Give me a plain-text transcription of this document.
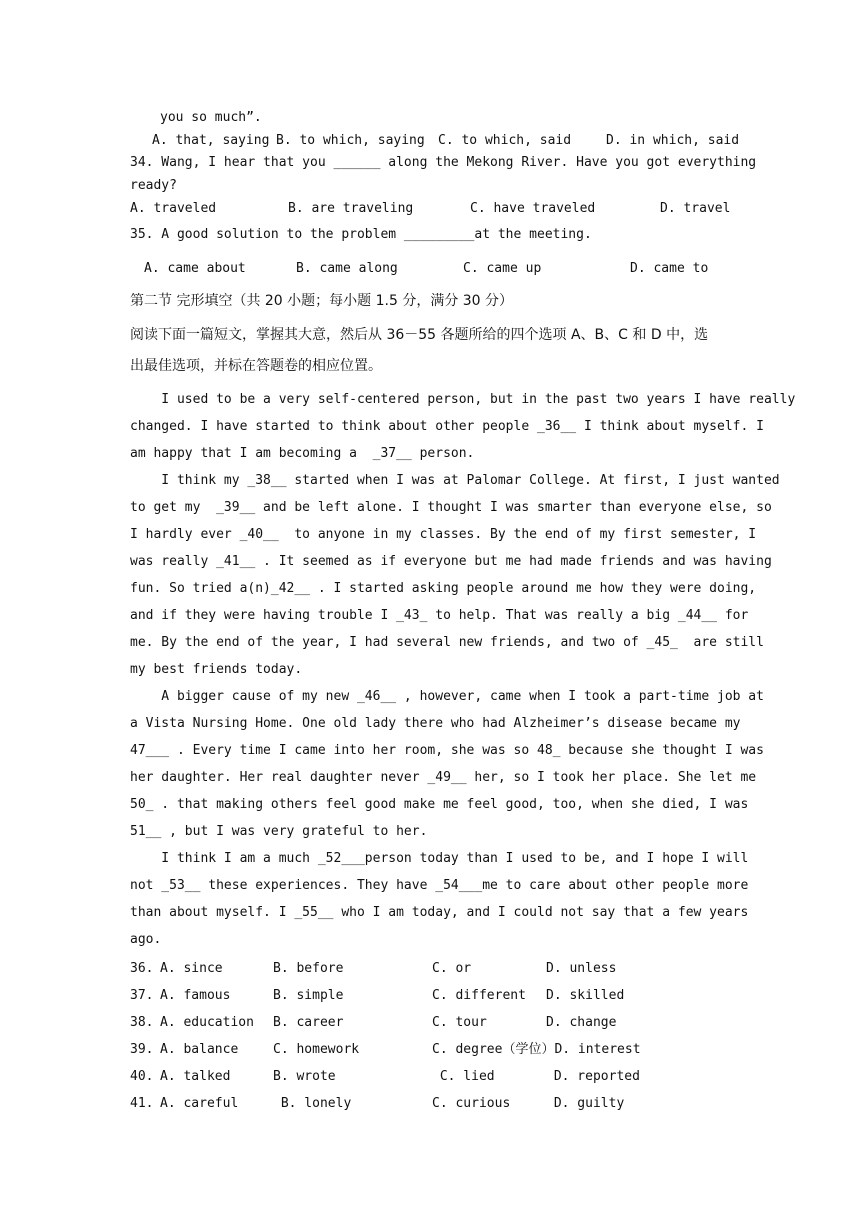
you so much”.
A. that, saying B. to which, saying C. to which, said	D. in which, said
34. Wang, I hear that you ______ along the Mekong River. Have you got everything
ready?
A. traveled	B. are traveling	C. have traveled	D. travel
35. A good solution to the problem _________at the meeting.
A. came about	B. came along	C. came up	D. came to
第二节 完形填空（共 20 小题；每小题 1.5 分，满分 30 分）
阅读下面一篇短文，掌握其大意，然后从 36－55 各题所给的四个选项 A、B、C 和 D 中，选
出最佳选项，并标在答题卷的相应位置。
I used to be a very self-centered person, but in the past two years I have really
changed. I have started to think about other people _36__ I think about myself. I
am happy that I am becoming a  _37__ person.
I think my _38__ started when I was at Palomar College. At first, I just wanted
to get my  _39__ and be left alone. I thought I was smarter than everyone else, so
I hardly ever _40__  to anyone in my classes. By the end of my first semester, I
was really _41__ . It seemed as if everyone but me had made friends and was having
fun. So tried a(n)_42__ . I started asking people around me how they were doing,
and if they were having trouble I _43_ to help. That was really a big _44__ for
me. By the end of the year, I had several new friends, and two of _45_  are still
my best friends today.
A bigger cause of my new _46__ , however, came when I took a part-time job at
a Vista Nursing Home. One old lady there who had Alzheimer’s disease became my
47___ . Every time I came into her room, she was so 48_ because she thought I was
her daughter. Her real daughter never _49__ her, so I took her place. She let me
50_ . that making others feel good make me feel good, too, when she died, I was
51__ , but I was very grateful to her.
I think I am a much _52___person today than I used to be, and I hope I will
not _53__ these experiences. They have _54___me to care about other people more
than about myself. I _55__ who I am today, and I could not say that a few years
ago.
36. A. since	B. before	C. or	D. unless
37. A. famous	B. simple	C. different D. skilled
38. A. education B. career	C. tour	D. change
39. A. balance	C. homework	C. degree（学位）D. interest
40. A. talked	B. wrote	C. lied	D. reported
41. A. careful	B. lonely	C. curious	D. guilty
